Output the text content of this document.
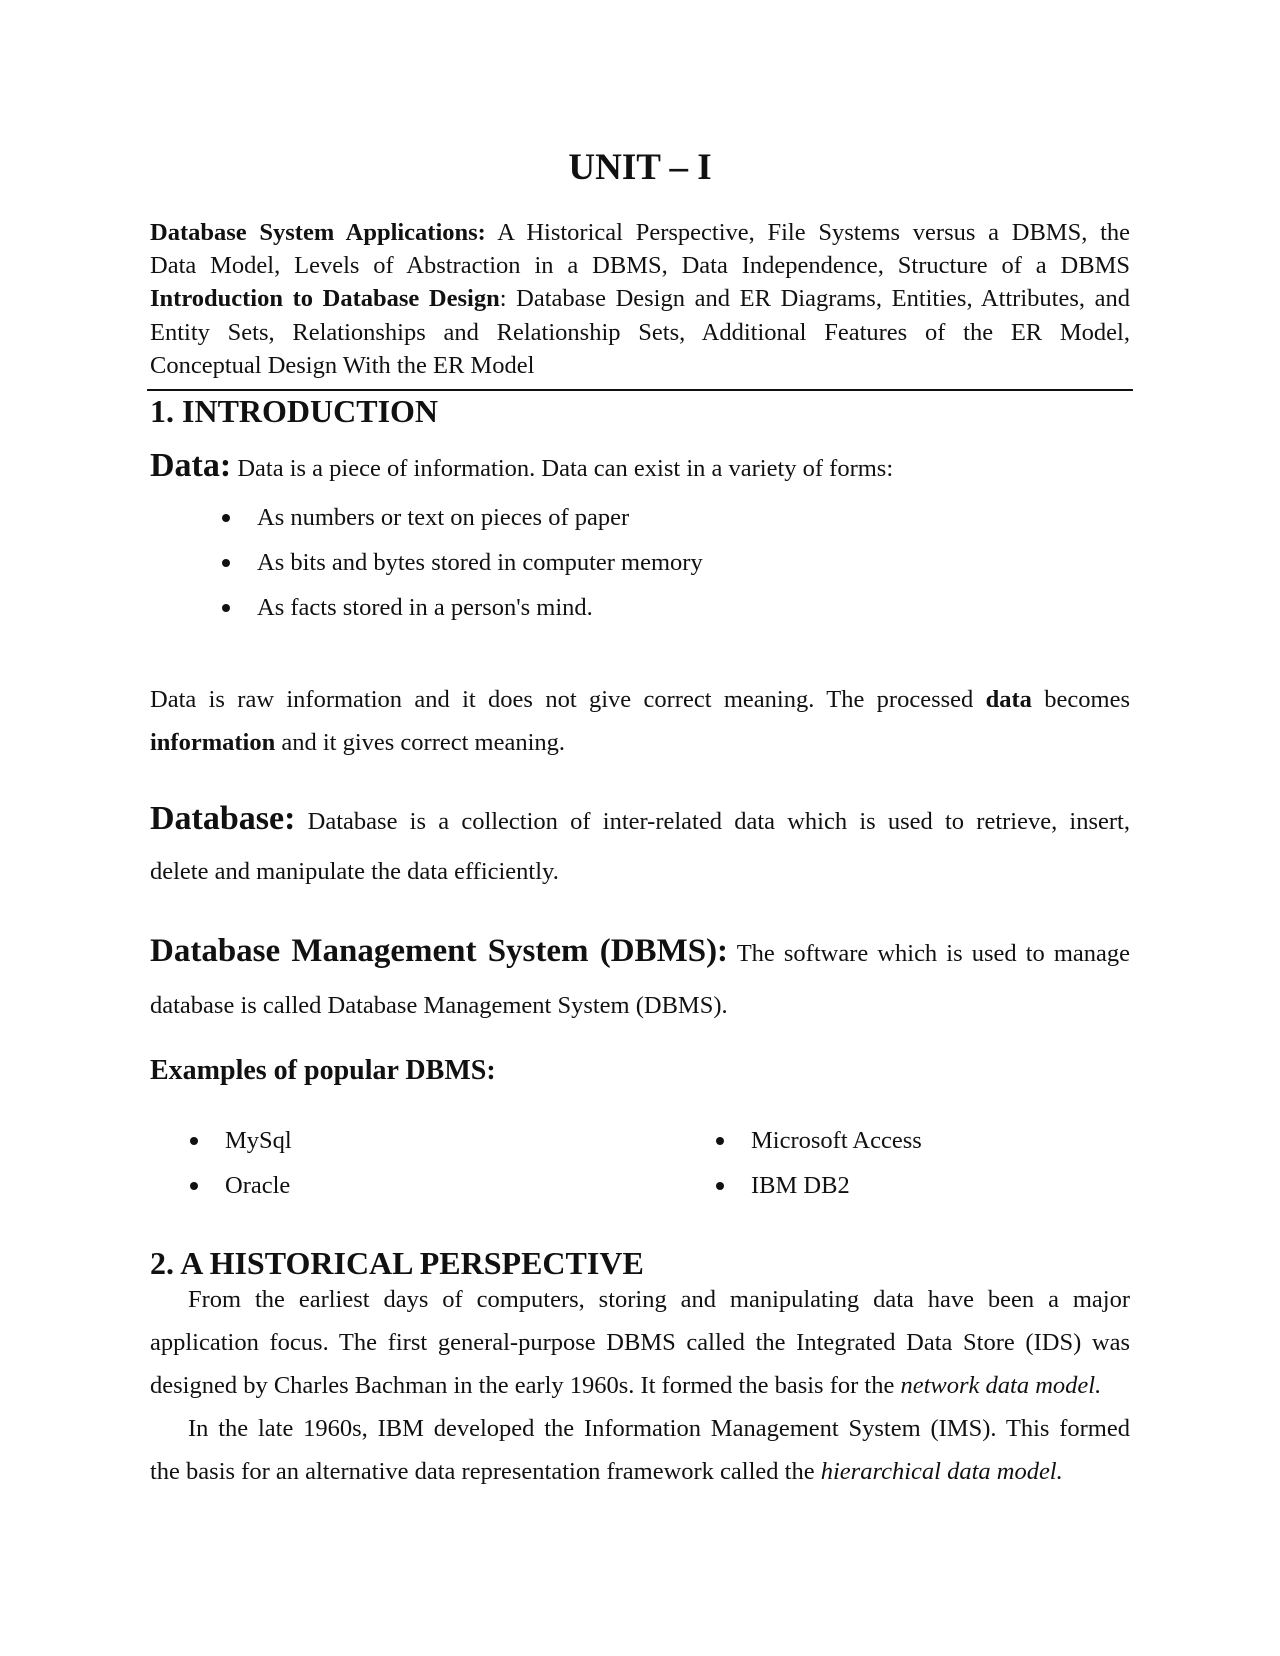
UNIT – I
Database System Applications: A Historical Perspective, File Systems versus a DBMS, the
Data Model, Levels of Abstraction in a DBMS, Data Independence, Structure of a DBMS
Introduction to Database Design: Database Design and ER Diagrams, Entities, Attributes, and
Entity Sets, Relationships and Relationship Sets, Additional Features of the ER Model,
Conceptual Design With the ER Model
1. INTRODUCTION

Data: Data is a piece of information. Data can exist in a variety of forms:

As numbers or text on pieces of paper
As bits and bytes stored in computer memory
As facts stored in a person's mind.

Data is raw information and it does not give correct meaning. The processed data becomes
information and it gives correct meaning.

Database: Database is a collection of inter-related data which is used to retrieve, insert,
delete and manipulate the data efficiently.

Database Management System (DBMS): The software which is used to manage
database is called Database Management System (DBMS).

Examples of popular DBMS:
MySql
Oracle
Microsoft Access
IBM DB2
2. A HISTORICAL PERSPECTIVE

From the earliest days of computers, storing and manipulating data have been a major
application focus. The first general-purpose DBMS called the Integrated Data Store (IDS) was
designed by Charles Bachman in the early 1960s. It formed the basis for the network data model.

In the late 1960s, IBM developed the Information Management System (IMS). This formed
the basis for an alternative data representation framework called the hierarchical data model.
